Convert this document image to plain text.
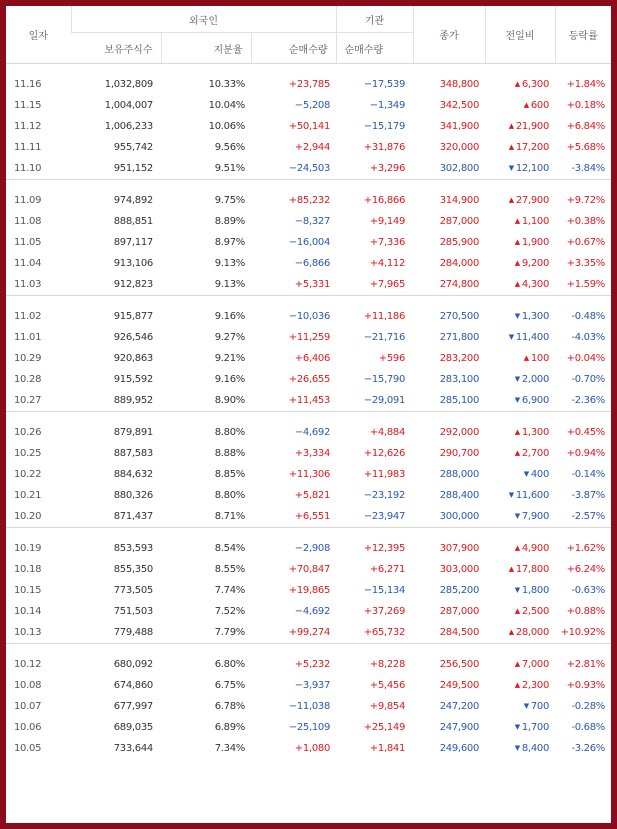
일자	외국인			기관	종가	전일비	등락률
	보유주식수	지분율	순매수량	순매수량			
11.16	1,032,809	10.33%	+23,785	−17,539	348,800	▲ 6,300	+1.84%
11.15	1,004,007	10.04%	−5,208	−1,349	342,500	▲ 600	+0.18%
11.12	1,006,233	10.06%	+50,141	−15,179	341,900	▲ 21,900	+6.84%
11.11	955,742	9.56%	+2,944	+31,876	320,000	▲ 17,200	+5.68%
11.10	951,152	9.51%	−24,503	+3,296	302,800	▼ 12,100	-3.84%
11.09	974,892	9.75%	+85,232	+16,866	314,900	▲ 27,900	+9.72%
11.08	888,851	8.89%	−8,327	+9,149	287,000	▲ 1,100	+0.38%
11.05	897,117	8.97%	−16,004	+7,336	285,900	▲ 1,900	+0.67%
11.04	913,106	9.13%	−6,866	+4,112	284,000	▲ 9,200	+3.35%
11.03	912,823	9.13%	+5,331	+7,965	274,800	▲ 4,300	+1.59%
11.02	915,877	9.16%	−10,036	+11,186	270,500	▼ 1,300	-0.48%
11.01	926,546	9.27%	+11,259	−21,716	271,800	▼ 11,400	-4.03%
10.29	920,863	9.21%	+6,406	+596	283,200	▲ 100	+0.04%
10.28	915,592	9.16%	+26,655	−15,790	283,100	▼ 2,000	-0.70%
10.27	889,952	8.90%	+11,453	−29,091	285,100	▼ 6,900	-2.36%
10.26	879,891	8.80%	−4,692	+4,884	292,000	▲ 1,300	+0.45%
10.25	887,583	8.88%	+3,334	+12,626	290,700	▲ 2,700	+0.94%
10.22	884,632	8.85%	+11,306	+11,983	288,000	▼ 400	-0.14%
10.21	880,326	8.80%	+5,821	−23,192	288,400	▼ 11,600	-3.87%
10.20	871,437	8.71%	+6,551	−23,947	300,000	▼ 7,900	-2.57%
10.19	853,593	8.54%	−2,908	+12,395	307,900	▲ 4,900	+1.62%
10.18	855,350	8.55%	+70,847	+6,271	303,000	▲ 17,800	+6.24%
10.15	773,505	7.74%	+19,865	−15,134	285,200	▼ 1,800	-0.63%
10.14	751,503	7.52%	−4,692	+37,269	287,000	▲ 2,500	+0.88%
10.13	779,488	7.79%	+99,274	+65,732	284,500	▲ 28,000	+10.92%
10.12	680,092	6.80%	+5,232	+8,228	256,500	▲ 7,000	+2.81%
10.08	674,860	6.75%	−3,937	+5,456	249,500	▲ 2,300	+0.93%
10.07	677,997	6.78%	−11,038	+9,854	247,200	▼ 700	-0.28%
10.06	689,035	6.89%	−25,109	+25,149	247,900	▼ 1,700	-0.68%
10.05	733,644	7.34%	+1,080	+1,841	249,600	▼ 8,400	-3.26%
